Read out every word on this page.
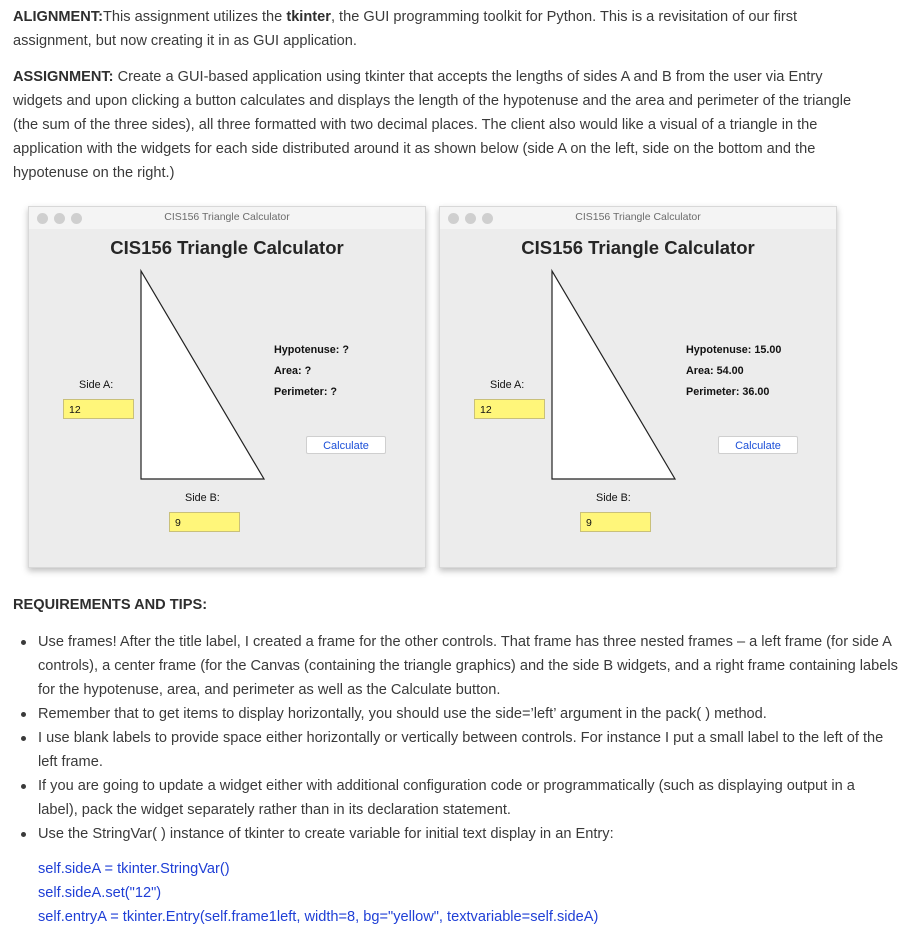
ALIGNMENT:This assignment utilizes the tkinter, the GUI programming toolkit for Python. This is a revisitation of our first assignment, but now creating it in as GUI application.
ASSIGNMENT: Create a GUI-based application using tkinter that accepts the lengths of sides A and B from the user via Entry widgets and upon clicking a button calculates and displays the length of the hypotenuse and the area and perimeter of the triangle (the sum of the three sides), all three formatted with two decimal places. The client also would like a visual of a triangle in the application with the widgets for each side distributed around it as shown below (side A on the left, side on the bottom and the hypotenuse on the right.)
CIS156 Triangle Calculator
CIS156 Triangle Calculator
Hypotenuse: ?
Area: ?
Perimeter: ?
Side A:
12
Calculate
Side B:
9
CIS156 Triangle Calculator
CIS156 Triangle Calculator
Hypotenuse: 15.00
Area: 54.00
Perimeter: 36.00
Side A:
12
Calculate
Side B:
9
REQUIREMENTS AND TIPS:
Use frames! After the title label, I created a frame for the other controls. That frame has three nested frames – a left frame (for side A controls), a center frame (for the Canvas (containing the triangle graphics) and the side B widgets, and a right frame containing labels for the hypotenuse, area, and perimeter as well as the Calculate button.
Remember that to get items to display horizontally, you should use the side=’left’ argument in the pack( ) method.
I use blank labels to provide space either horizontally or vertically between controls. For instance I put a small label to the left of the left frame.
If you are going to update a widget either with additional configuration code or programmatically (such as displaying output in a label), pack the widget separately rather than in its declaration statement.
Use the StringVar( ) instance of tkinter to create variable for initial text display in an Entry:
self.sideA = tkinter.StringVar()
self.sideA.set("12")
self.entryA = tkinter.Entry(self.frame1left, width=8, bg="yellow", textvariable=self.sideA)
